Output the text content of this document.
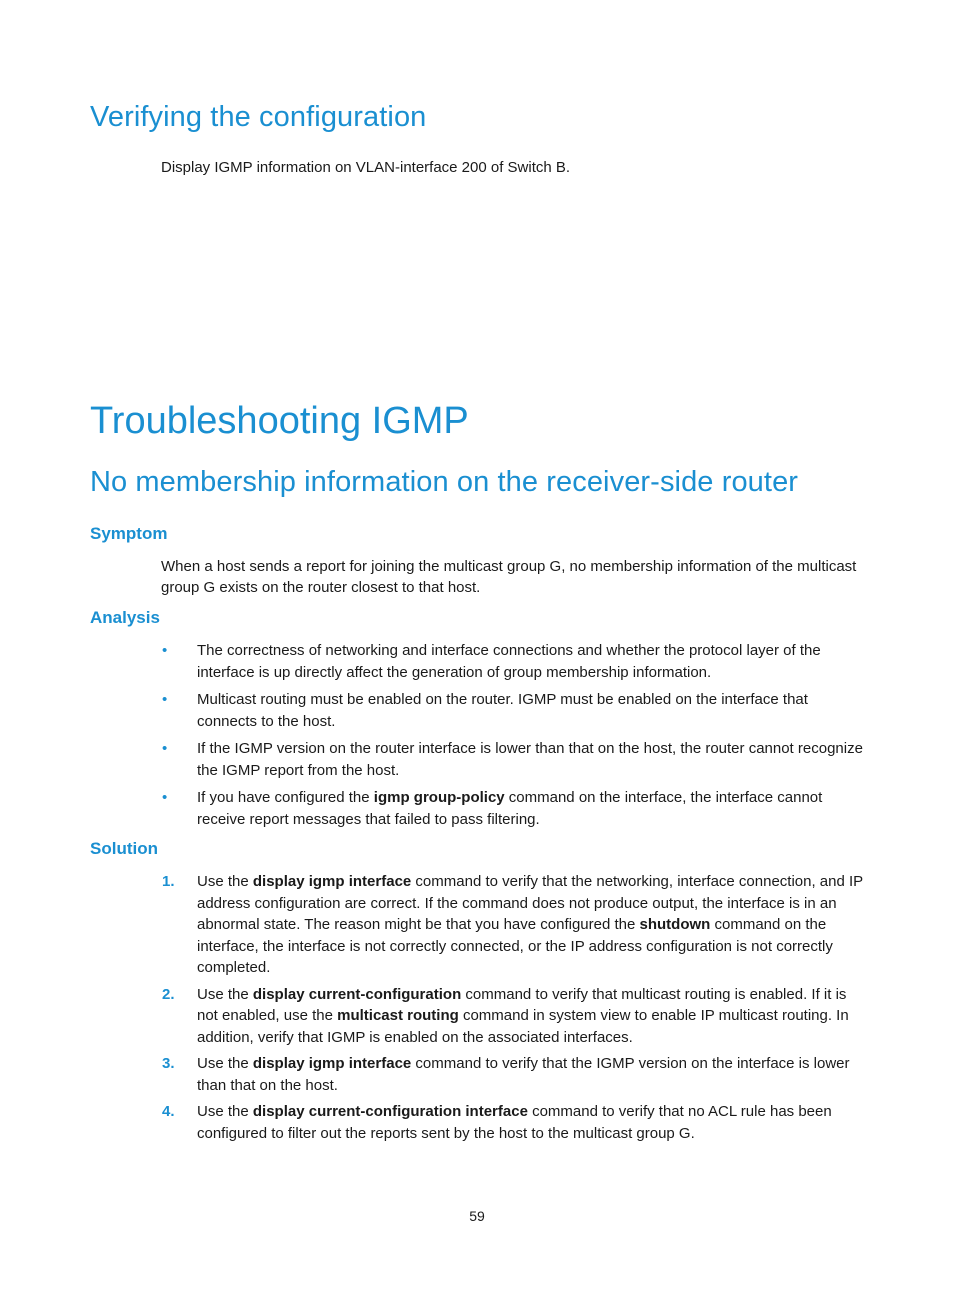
Verifying the configuration

Display IGMP information on VLAN-interface 200 of Switch B.

Troubleshooting IGMP
No membership information on the receiver-side router
Symptom

When a host sends a report for joining the multicast group G, no membership information of the multicast group G exists on the router closest to that host.

Analysis
• The correctness of networking and interface connections and whether the protocol layer of the interface is up directly affect the generation of group membership information.
• Multicast routing must be enabled on the router. IGMP must be enabled on the interface that connects to the host.
• If the IGMP version on the router interface is lower than that on the host, the router cannot recognize the IGMP report from the host.
• If you have configured the igmp group-policy command on the interface, the interface cannot receive report messages that failed to pass filtering.
Solution
1. Use the display igmp interface command to verify that the networking, interface connection, and IP address configuration are correct. If the command does not produce output, the interface is in an abnormal state. The reason might be that you have configured the shutdown command on the interface, the interface is not correctly connected, or the IP address configuration is not correctly completed.
2. Use the display current-configuration command to verify that multicast routing is enabled. If it is not enabled, use the multicast routing command in system view to enable IP multicast routing. In addition, verify that IGMP is enabled on the associated interfaces.
3. Use the display igmp interface command to verify that the IGMP version on the interface is lower than that on the host.
4. Use the display current-configuration interface command to verify that no ACL rule has been configured to filter out the reports sent by the host to the multicast group G.
59
